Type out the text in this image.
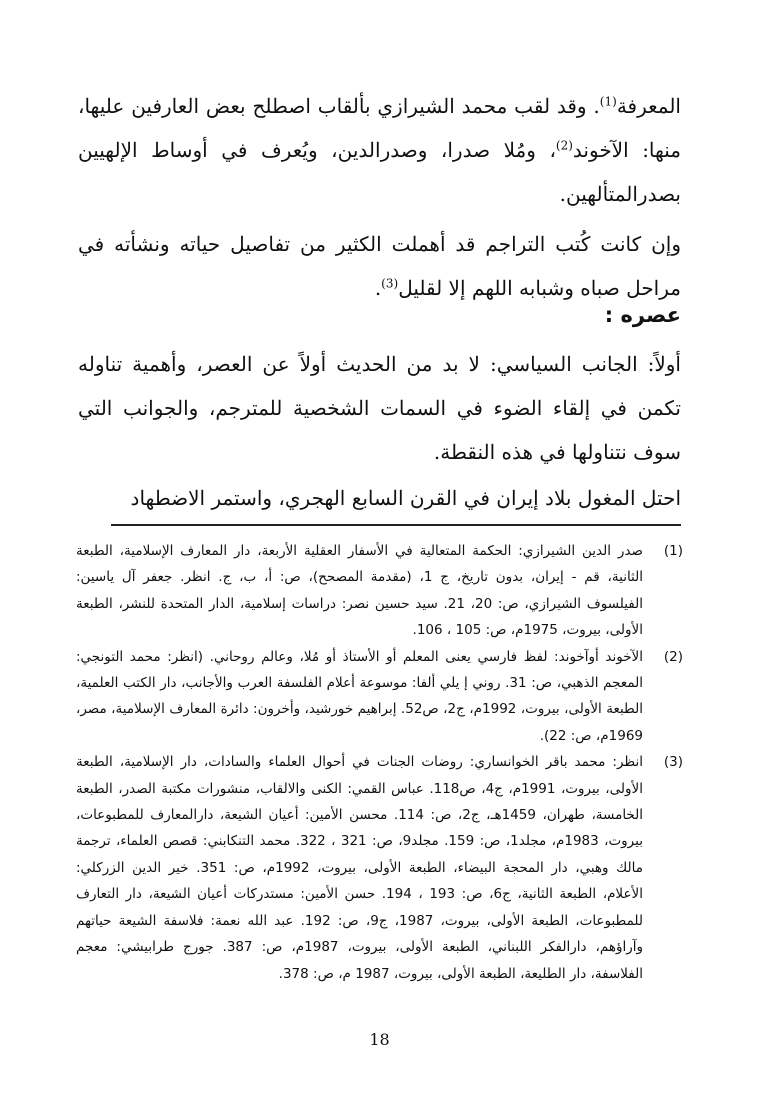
المعرفة$^{(1)}$. وقد لقب محمد الشيرازي بألقاب اصطلح بعض العارفين عليها، منها: الآخوند$^{(2)}$، ومُلا صدرا، وصدرالدين، ويُعرف في أوساط الإلهيين بصدرالمتألهين.

وإن كانت كُتب التراجم قد أهملت الكثير من تفاصيل حياته ونشأته في مراحل صباه وشبابه اللهم إلا لقليل$^{(3)}$.

عصره :

أولاً: الجانب السياسي: لا بد من الحديث أولاً عن العصر، وأهمية تناوله تكمن في إلقاء الضوء في السمات الشخصية للمترجم، والجوانب التي سوف نتناولها في هذه النقطة.

احتل المغول بلاد إيران في القرن السابع الهجري، واستمر الاضطهاد

(1)
صدر الدين الشيرازي: الحكمة المتعالية في الأسفار العقلية الأربعة، دار المعارف الإسلامية، الطبعة الثانية، قم - إيران، بدون تاريخ، ج 1، (مقدمة المصحح)، ص: أ، ب، ج. انظر. جعفر آل ياسين: الفيلسوف الشيرازي، ص: 20، 21. سيد حسين نصر: دراسات إسلامية، الدار المتحدة للنشر، الطبعة الأولى، بيروت، 1975م، ص: 105 ، 106.
(2)
الآخوند أوآخوند: لفظ فارسي يعنى المعلم أو الأستاذ أو مُلا، وعالم روحاني. (انظر: محمد التونجي: المعجم الذهبي، ص: 31. روني إ يلي ألفا: موسوعة أعلام الفلسفة العرب والأجانب، دار الكتب العلمية، الطبعة الأولى، بيروت، 1992م، ج2، ص52. إبراهيم خورشيد، وأخرون: دائرة المعارف الإسلامية، مصر، 1969م، ص: 22).
(3)
انظر: محمد باقر الخوانساري: روضات الجنات في أحوال العلماء والسادات، دار الإسلامية، الطبعة الأولى، بيروت، 1991م، ج4، ص118. عباس القمي: الكنى والالقاب، منشورات مكتبة الصدر، الطبعة الخامسة، طهران، 1459هـ، ج2، ص: 114. محسن الأمين: أعيان الشيعة، دارالمعارف للمطبوعات، بيروت، 1983م، مجلد1، ص: 159. مجلد9، ص: 321 ، 322. محمد التنكابني: قصص العلماء، ترجمة مالك وهبي، دار المحجة البيضاء، الطبعة الأولى، بيروت، 1992م، ص: 351. خير الدين الزركلي: الأعلام، الطبعة الثانية، ج6، ص: 193 ، 194. حسن الأمين: مستدركات أعيان الشيعة، دار التعارف للمطبوعات، الطبعة الأولى، بيروت، 1987، ج9، ص: 192. عبد الله نعمة: فلاسفة الشيعة حياتهم وآراؤهم، دارالفكر اللبناني، الطبعة الأولى، بيروت، 1987م، ص: 387. جورج طرابيشي: معجم الفلاسفة، دار الطليعة، الطبعة الأولى، بيروت، 1987 م، ص: 378.

18
